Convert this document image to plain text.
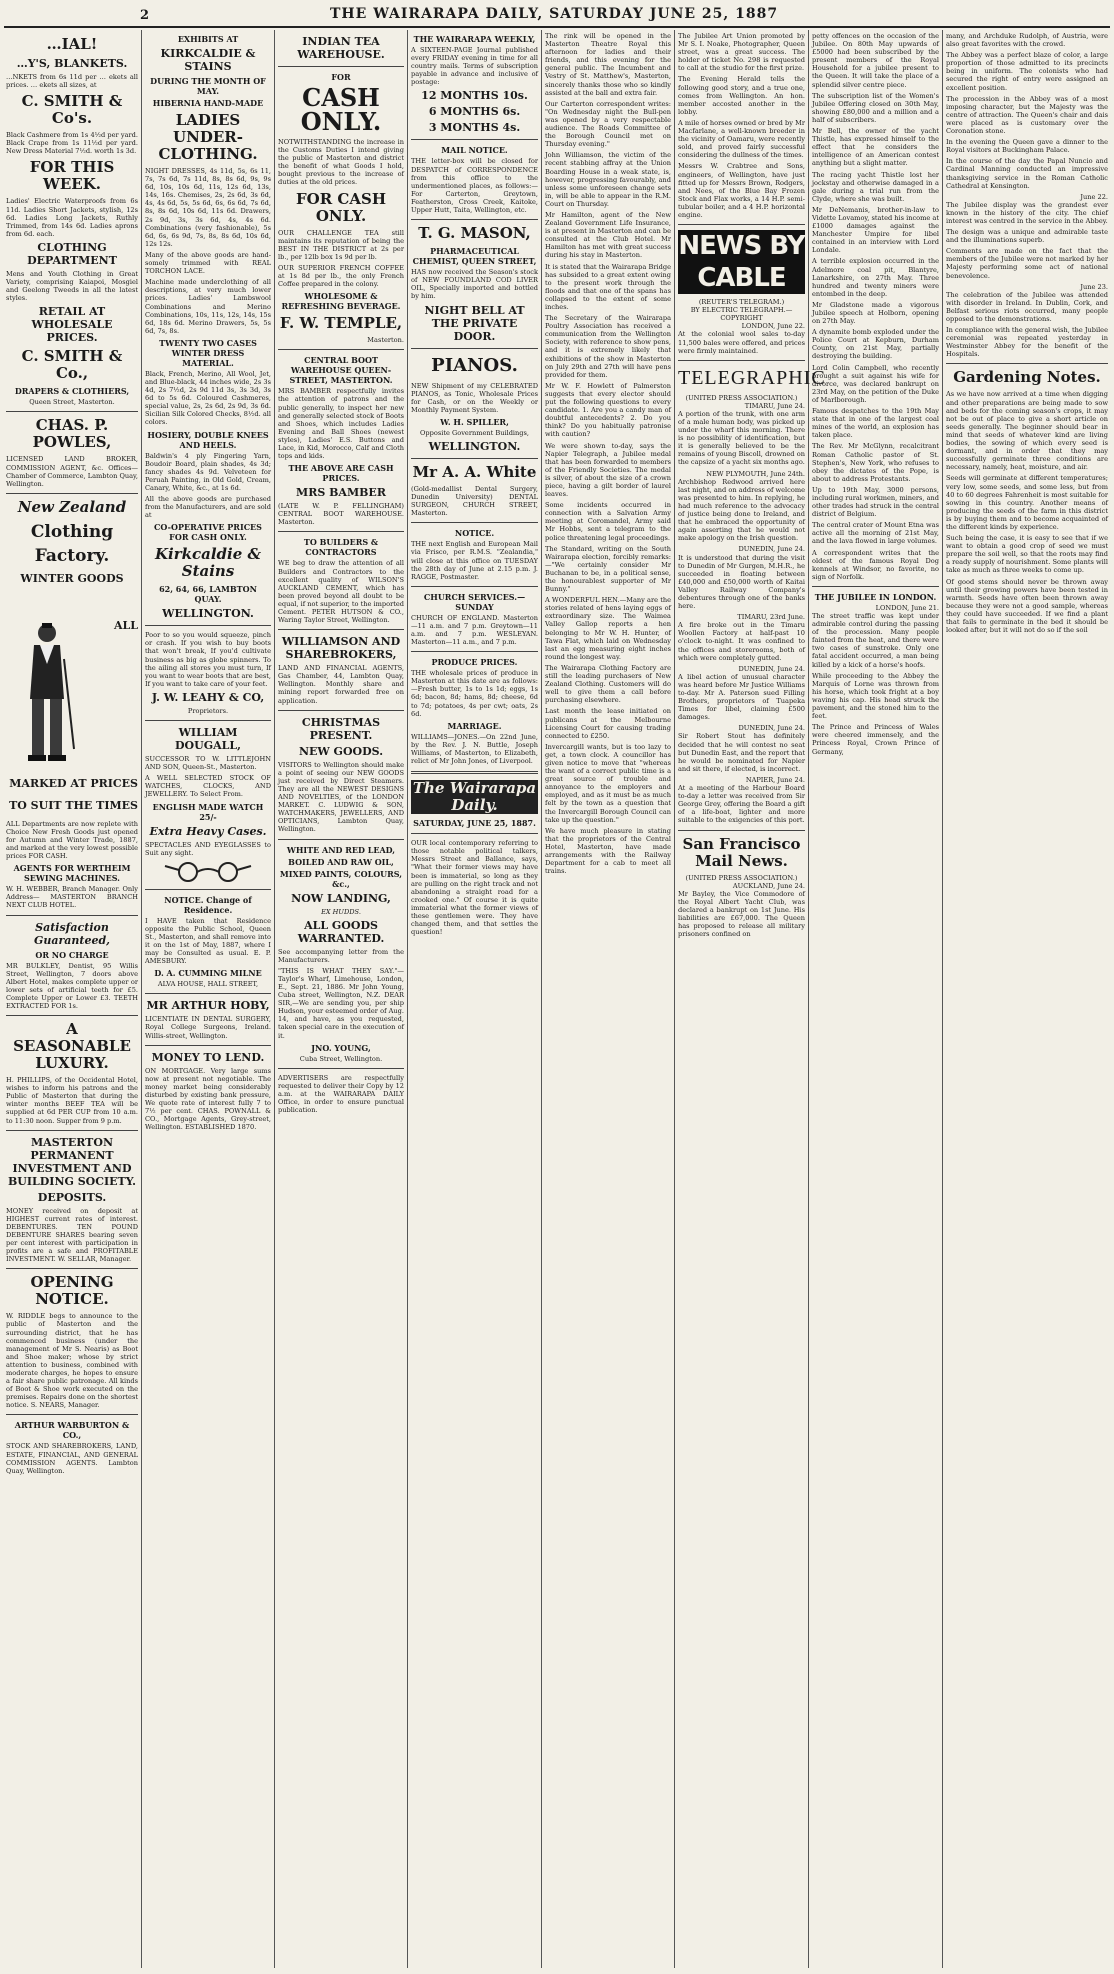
2	THE WAIRARAPA DAILY, SATURDAY JUNE 25, 1887
…IAL!
…Y'S, BLANKETS.

…NKETS from 6s 11d per … ekets all prices. … ekets all sizes, at

C. SMITH & Co's.

Black Cashmere from 1s 4½d per yard. Black Crape from 1s 11½d per yard. New Dress Material 7½d. worth 1s 3d.

FOR THIS WEEK.

Ladies' Electric Waterproofs from 6s 11d. Ladies Short Jackets, stylish, 12s 6d. Ladies Long Jackets, Ruthly Trimmed, from 14s 6d. Ladies aprons from 6d. each.

CLOTHING DEPARTMENT

Mens and Youth Clothing in Great Variety, comprising Kaiapoi, Mosgiel and Geelong Tweeds in all the latest styles.

RETAIL AT WHOLESALE PRICES.
C. SMITH & Co.,
DRAPERS & CLOTHIERS,
Queen Street, Masterton.
CHAS. P. POWLES,

LICENSED LAND BROKER, COMMISSION AGENT, &c. Offices—Chamber of Commerce, Lambton Quay, Wellington.

New Zealand
Clothing Factory.
WINTER GOODS
ALL MARKED AT PRICES TO SUIT THE TIMES

ALL Departments are now replete with Choice New Fresh Goods just opened for Autumn and Winter Trade, 1887, and marked at the very lowest possible prices FOR CASH.

AGENTS FOR WERTHEIM SEWING MACHINES.

W. H. WEBBER, Branch Manager. Only Address— MASTERTON BRANCH NEXT CLUB HOTEL.

Satisfaction Guaranteed,
OR NO CHARGE

MR BULKLEY, Dentist, 95 Willis Street, Wellington, 7 doors above Albert Hotel, makes complete upper or lower sets of artificial teeth for £5. Complete Upper or Lower £3. TEETH EXTRACTED FOR 1s.

A SEASONABLE LUXURY.

H. PHILLIPS, of the Occidental Hotel, wishes to inform his patrons and the Public of Masterton that during the winter months BEEF TEA will be supplied at 6d PER CUP from 10 a.m. to 11:30 noon. Supper from 9 p.m.

MASTERTON PERMANENT INVESTMENT AND BUILDING SOCIETY.
DEPOSITS.

MONEY received on deposit at HIGHEST current rates of interest. DEBENTURES. TEN POUND DEBENTURE SHARES bearing seven per cent interest with participation in profits are a safe and PROFITABLE INVESTMENT. W. SELLAR, Manager.

OPENING NOTICE.

W. RIDDLE begs to announce to the public of Masterton and the surrounding district, that he has commenced business (under the management of Mr S. Nearis) as Boot and Shoe maker; whose by strict attention to business, combined with moderate charges, he hopes to ensure a fair share public patronage. All kinds of Boot & Shoe work executed on the premises. Repairs done on the shortest notice. S. NEARS, Manager.

ARTHUR WARBURTON & CO.,

STOCK AND SHAREBROKERS, LAND, ESTATE, FINANCIAL, AND GENERAL COMMISSION AGENTS. Lambton Quay, Wellington.

EXHIBITS AT
KIRKCALDIE & STAINS
DURING THE MONTH OF MAY.
HIBERNIA HAND-MADE
LADIES UNDER-CLOTHING.

NIGHT DRESSES, 4s 11d, 5s, 6s 11, 7s, 7s 6d, 7s 11d, 8s, 8s 6d, 9s, 9s 6d, 10s, 10s 6d, 11s, 12s 6d, 13s, 14s, 16s. Chemises, 2s, 2s 6d, 3s 6d, 4s, 4s 6d, 5s, 5s 6d, 6s, 6s 6d, 7s 6d, 8s, 8s 6d, 10s 6d, 11s 6d. Drawers, 2s 9d, 3s, 3s 6d, 4s, 4s 6d. Combinations (very fashionable), 5s 6d, 6s, 6s 9d, 7s, 8s, 8s 6d, 10s 6d, 12s 12s.

Many of the above goods are hand-somely trimmed with REAL TORCHON LACE.

Machine made underclothing of all descriptions, at very much lower prices. Ladies' Lambswool Combinations and Merino Combinations, 10s, 11s, 12s, 14s, 15s 6d, 18s 6d. Merino Drawers, 5s, 5s 6d, 7s, 8s.

TWENTY TWO CASES WINTER DRESS MATERIAL.

Black, French, Merino, All Wool, Jet, and Blue-black, 44 inches wide, 2s 3s 4d, 2s 7½d, 2s 9d 11d 3s, 3s 3d, 3s 6d to 5s 6d. Coloured Cashmeres, special value, 2s, 2s 6d, 2s 9d, 3s 6d. Sicilian Silk Colored Checks, 8½d. all colors.

HOSIERY, DOUBLE KNEES AND HEELS.

Baldwin's 4 ply Fingering Yarn, Boudoir Board, plain shades, 4s 3d; fancy shades 4s 9d. Velveteen for Peruah Painting, in Old Gold, Cream, Canary, White, &c., at 1s 6d.

All the above goods are purchased from the Manufacturers, and are sold at

CO-OPERATIVE PRICES FOR CASH ONLY.
Kirkcaldie & Stains
62, 64, 66, LAMBTON QUAY.
WELLINGTON.

Poor to so you would squeeze, pinch or crash. If you wish to buy boots that won't break, If you'd cultivate business as big as globe spinners. To the ailing all stores you must turn, If you want to wear boots that are best, If you want to take care of your feet.

J. W. LEAHY & CO,
Proprietors.
WILLIAM DOUGALL,

SUCCESSOR TO W. LITTLEJOHN AND SON, Queen-St., Masterton.

A WELL SELECTED STOCK OF WATCHES, CLOCKS, AND JEWELLERY. To Select From.

ENGLISH MADE WATCH 25/-
Extra Heavy Cases.

SPECTACLES AND EYEGLASSES to Suit any sight.

NOTICE. Change of Residence.

I HAVE taken that Residence opposite the Public School, Queen St., Masterton, and shall remove into it on the 1st of May, 1887, where I may be Consulted as usual. E. P. AMESBURY.

D. A. CUMMING MILNE
ALVA HOUSE, HALL STREET,
MR ARTHUR HOBY,

LICENTIATE IN DENTAL SURGERY, Royal College Surgeons, Ireland. Willis-street, Wellington.

MONEY TO LEND.

ON MORTGAGE. Very large sums now at present not negotiable. The money market being considerably disturbed by existing bank pressure, We quote rate of interest fully 7 to 7½ per cent. CHAS. POWNALL & CO., Mortgage Agents, Grey-street, Wellington. ESTABLISHED 1870.

INDIAN TEA WAREHOUSE.
FOR
CASH ONLY.

NOTWITHSTANDING the increase in the Customs Duties I intend giving the public of Masterton and district the benefit of what Goods I hold, bought previous to the increase of duties at the old prices.

FOR CASH ONLY.

OUR CHALLENGE TEA still maintains its reputation of being the BEST IN THE DISTRICT at 2s per lb., per 12lb box 1s 9d per lb.

OUR SUPERIOR FRENCH COFFEE at 1s 8d per lb., the only French Coffee prepared in the colony.

WHOLESOME & REFRESHING BEVERAGE.
F. W. TEMPLE,
Masterton.
CENTRAL BOOT WAREHOUSE QUEEN-STREET, MASTERTON.

MRS BAMBER respectfully invites the attention of patrons and the public generally, to inspect her new and generally selected stock of Boots and Shoes, which includes Ladies Evening and Ball Shoes (newest styles), Ladies' E.S. Buttons and Lace, in Kid, Morocco, Calf and Cloth tops and kids.

THE ABOVE ARE CASH PRICES.
MRS BAMBER

(LATE W. P. FELLINGHAM) CENTRAL BOOT WAREHOUSE. Masterton.

TO BUILDERS & CONTRACTORS

WE beg to draw the attention of all Builders and Contractors to the excellent quality of WILSON'S AUCKLAND CEMENT, which has been proved beyond all doubt to be equal, if not superior, to the imported Cement. PETER HUTSON & CO., Waring Taylor Street, Wellington.

WILLIAMSON AND SHAREBROKERS,

LAND AND FINANCIAL AGENTS, Gas Chamber, 44, Lambton Quay, Wellington. Monthly share and mining report forwarded free on application.

CHRISTMAS PRESENT.
NEW GOODS.

VISITORS to Wellington should make a point of seeing our NEW GOODS just received by Direct Steamers. They are all the NEWEST DESIGNS AND NOVELTIES, of the LONDON MARKET. C. LUDWIG & SON, WATCHMAKERS, JEWELLERS, AND OPTICIANS, Lambton Quay, Wellington.

WHITE AND RED LEAD,
BOILED AND RAW OIL,
MIXED PAINTS, COLOURS, &c.,
NOW LANDING,
EX HUDDS.
ALL GOODS WARRANTED.

See accompanying letter from the Manufacturers.

"THIS IS WHAT THEY SAY."— Taylor's Wharf, Limehouse, London, E., Sept. 21, 1886. Mr John Young, Cuba street, Wellington, N.Z. DEAR SIR,—We are sending you, per ship Hudson, your esteemed order of Aug. 14, and have, as you requested, taken special care in the execution of it.

JNO. YOUNG,
Cuba Street, Wellington.

ADVERTISERS are respectfully requested to deliver their Copy by 12 a.m. at the WAIRARAPA DAILY Office, in order to ensure punctual publication.

THE WAIRARAPA WEEKLY,

A SIXTEEN-PAGE Journal published every FRIDAY evening in time for all country mails. Terms of subscription payable in advance and inclusive of postage:

12 MONTHS 10s.
6 MONTHS 6s.
3 MONTHS 4s.
MAIL NOTICE.

THE letter-box will be closed for DESPATCH of CORRESPONDENCE from this office to the undermentioned places, as follows:— For Carterton, Greytown, Featherston, Cross Creek, Kaitoke, Upper Hutt, Taita, Wellington, etc.

T. G. MASON,
PHARMACEUTICAL CHEMIST, QUEEN STREET,

HAS now received the Season's stock of NEW FOUNDLAND COD LIVER OIL, Specially imported and bottled by him.

NIGHT BELL AT THE PRIVATE DOOR.
PIANOS.

NEW Shipment of my CELEBRATED PIANOS, as Tonic, Wholesale Prices for Cash, or on the Weekly or Monthly Payment System.

W. H. SPILLER,
Opposite Government Buildings,
WELLINGTON.
Mr A. A. White

(Gold-medallist Dental Surgery, Dunedin University) DENTAL SURGEON, CHURCH STREET, Masterton.

NOTICE.

THE next English and European Mail via Frisco, per R.M.S. "Zealandia," will close at this office on TUESDAY the 28th day of June at 2.15 p.m. J. RAGGE, Postmaster.

CHURCH SERVICES.—SUNDAY

CHURCH OF ENGLAND. Masterton—11 a.m. and 7 p.m. Greytown—11 a.m. and 7 p.m. WESLEYAN. Masterton—11 a.m., and 7 p.m.

PRODUCE PRICES.

THE wholesale prices of produce in Masterton at this date are as follows:—Fresh butter, 1s to 1s 1d; eggs, 1s 6d; bacon, 8d; hams, 8d; cheese, 6d to 7d; potatoes, 4s per cwt; oats, 2s 6d.

MARRIAGE.

WILLIAMS—JONES.—On 22nd June, by the Rev. J. N. Buttle, Joseph Williams, of Masterton, to Elizabeth, relict of Mr John Jones, of Liverpool.

The Wairarapa Daily.
SATURDAY, JUNE 25, 1887.

OUR local contemporary referring to those notable political talkers, Messrs Street and Ballance, says, "What their former views may have been is immaterial, so long as they are pulling on the right track and not abandoning a straight road for a crooked one." Of course it is quite immaterial what the former views of these gentlemen were. They have changed them, and that settles the question!

The rink will be opened in the Masterton Theatre Royal this afternoon for ladies and their friends, and this evening for the general public. The Incumbent and Vestry of St. Matthew's, Masterton, sincerely thanks those who so kindly assisted at the ball and extra fair.

Our Carterton correspondent writes: "On Wednesday night the Bull-pen was opened by a very respectable audience. The Roads Committee of the Borough Council met on Thursday evening."

John Williamson, the victim of the recent stabbing affray at the Union Boarding House in a weak state, is, however, progressing favourably, and unless some unforeseen change sets in, will be able to appear in the R.M. Court on Thursday.

Mr Hamilton, agent of the New Zealand Government Life Insurance, is at present in Masterton and can be consulted at the Club Hotel. Mr Hamilton has met with great success during his stay in Masterton.

It is stated that the Wairarapa Bridge has subsided to a great extent owing to the present work through the floods and that one of the spans has collapsed to the extent of some inches.

The Secretary of the Wairarapa Poultry Association has received a communication from the Wellington Society, with reference to show pens, and it is extremely likely that exhibitions of the show in Masterton on July 29th and 27th will have pens provided for them.

Mr W. F. Howlett of Palmerston suggests that every elector should put the following questions to every candidate. 1. Are you a candy man of doubtful antecedents? 2. Do you think? Do you habitually patronise with caution?

We were shown to-day, says the Napier Telegraph, a Jubilee medal that has been forwarded to members of the Friendly Societies. The medal is silver, of about the size of a crown piece, having a gilt border of laurel leaves.

Some incidents occurred in connection with a Salvation Army meeting at Coromandel, Army said Mr Hobbs, sent a telegram to the police threatening legal proceedings.

The Standard, writing on the South Wairarapa election, forcibly remarks:—"We certainly consider Mr Buchanan to be, in a political sense, the honourablest supporter of Mr Bunny."

A WONDERFUL HEN.—Many are the stories related of hens laying eggs of extraordinary size. The Waimea Valley Gallop reports a hen belonging to Mr W. H. Hunter, of Tawa Flat, which laid on Wednesday last an egg measuring eight inches round the longest way.

The Wairarapa Clothing Factory are still the leading purchasers of New Zealand Clothing. Customers will do well to give them a call before purchasing elsewhere.

Last month the lease initiated on publicans at the Melbourne Licensing Court for causing trading connected to £250.

Invercargill wants, but is too lazy to get, a town clock. A councillor has given notice to move that "whereas the want of a correct public time is a great source of trouble and annoyance to the employers and employed, and as it must be as much felt by the town as a question that the Invercargill Borough Council can take up the question."

We have much pleasure in stating that the proprietors of the Central Hotel, Masterton, have made arrangements with the Railway Department for a cab to meet all trains.

The Jubilee Art Union promoted by Mr S. I. Noake, Photographer, Queen street, was a great success. The holder of ticket No. 298 is requested to call at the studio for the first prize.

The Evening Herald tells the following good story, and a true one, comes from Wellington. An hon. member accosted another in the lobby.

A mile of horses owned or bred by Mr Macfarlane, a well-known breeder in the vicinity of Oamaru, were recently sold, and proved fairly successful considering the dullness of the times.

Messrs W. Crabtree and Sons, engineers, of Wellington, have just fitted up for Messrs Brown, Rodgers, and Nees, of the Blue Bay Frozen Stock and Flax works, a 14 H.P. semi-tubular boiler, and a 4 H.P. horizontal engine.

NEWS BY CABLE
(REUTER'S TELEGRAM.)
BY ELECTRIC TELEGRAPH.—COPYRIGHT
LONDON, June 22.

At the colonial wool sales to-day 11,500 bales were offered, and prices were firmly maintained.

TELEGRAPHIC
(UNITED PRESS ASSOCIATION.)
TIMARU, June 24.

A portion of the trunk, with one arm of a male human body, was picked up under the wharf this morning. There is no possibility of identification, but it is generally believed to be the remains of young Biscoll, drowned on the capsize of a yacht six months ago.

NEW PLYMOUTH, June 24th.

Archbishop Redwood arrived here last night, and on address of welcome was presented to him. In replying, he had much reference to the advocacy of justice being done to Ireland, and that he embraced the opportunity of again asserting that he would not make apology on the Irish question.

DUNEDIN, June 24.

It is understood that during the visit to Dunedin of Mr Gurgen, M.H.R., he succeeded in floating between £40,000 and £50,000 worth of Kaitai Valley Railway Company's debentures through one of the banks here.

TIMARU, 23rd June.

A fire broke out in the Timaru Woollen Factory at half-past 10 o'clock to-night. It was confined to the offices and storerooms, both of which were completely gutted.

DUNEDIN, June 24.

A libel action of unusual character was heard before Mr Justice Williams to-day. Mr A. Paterson sued Filling Brothers, proprietors of Tuapeka Times for libel, claiming £500 damages.

DUNEDIN, June 24.

Sir Robert Stout has definitely decided that he will contest no seat but Dunedin East, and the report that he would be nominated for Napier and sit there, if elected, is incorrect.

NAPIER, June 24.

At a meeting of the Harbour Board to-day a letter was received from Sir George Grey, offering the Board a gift of a life-boat, lighter and more suitable to the exigencies of this port.

San Francisco Mail News.
(UNITED PRESS ASSOCIATION.)
AUCKLAND, June 24.

Mr Bayley, the Vice Commodore of the Royal Albert Yacht Club, was declared a bankrupt on 1st June. His liabilities are £67,000. The Queen has proposed to release all military prisoners confined on

petty offences on the occasion of the Jubilee. On 80th May upwards of £5000 had been subscribed by the present members of the Royal Household for a jubilee present to the Queen. It will take the place of a splendid silver centre piece.

The subscription list of the Women's Jubilee Offering closed on 30th May, showing £80,000 and a million and a half of subscribers.

Mr Bell, the owner of the yacht Thistle, has expressed himself to the effect that he considers the intelligence of an American contest anything but a slight matter.

The racing yacht Thistle lost her jockstay and otherwise damaged in a gale during a trial run from the Clyde, where she was built.

Mr DeNemanis, brother-in-law to Vidette Lovamoy, stated his income at £1000 damages against the Manchester Umpire for libel contained in an interview with Lord Londale.

A terrible explosion occurred in the Adelmore coal pit, Blantyre, Lanarkshire, on 27th May. Three hundred and twenty miners were entombed in the deep.

Mr Gladstone made a vigorous Jubilee speech at Holborn, opening on 27th May.

A dynamite bomb exploded under the Police Court at Kepburn, Durham County, on 21st May, partially destroying the building.

Lord Colin Campbell, who recently brought a suit against his wife for divorce, was declared bankrupt on 23rd May, on the petition of the Duke of Marlborough.

Famous despatches to the 19th May state that in one of the largest coal mines of the world, an explosion has taken place.

The Rev. Mr McGlynn, recalcitrant Roman Catholic pastor of St. Stephen's, New York, who refuses to obey the dictates of the Pope, is about to address Protestants.

Up to 19th May, 3000 persons, including rural workmen, miners, and other trades had struck in the central district of Belgium.

The central crater of Mount Etna was active all the morning of 21st May, and the lava flowed in large volumes.

A correspondent writes that the oldest of the famous Royal Dog kennels at Windsor, no favorite, no sign of Norfolk.

THE JUBILEE IN LONDON.
LONDON, June 21.

The street traffic was kept under admirable control during the passing of the procession. Many people fainted from the heat, and there were two cases of sunstroke. Only one fatal accident occurred, a man being killed by a kick of a horse's hoofs.

While proceeding to the Abbey the Marquis of Lorne was thrown from his horse, which took fright at a boy waving his cap. His head struck the pavement, and the stoned him to the feet.

The Prince and Princess of Wales were cheered immensely, and the Princess Royal, Crown Prince of Germany,

many, and Archduke Rudolph, of Austria, were also great favorites with the crowd.

The Abbey was a perfect blaze of color, a large proportion of those admitted to its precincts being in uniform. The colonists who had secured the right of entry were assigned an excellent position.

The procession in the Abbey was of a most imposing character, but the Majesty was the centre of attraction. The Queen's chair and dais were placed as is customary over the Coronation stone.

In the evening the Queen gave a dinner to the Royal visitors at Buckingham Palace.

In the course of the day the Papal Nuncio and Cardinal Manning conducted an impressive thanksgiving service in the Roman Catholic Cathedral at Kensington.

June 22.

The Jubilee display was the grandest ever known in the history of the city. The chief interest was centred in the service in the Abbey.

The design was a unique and admirable taste and the illuminations superb.

Comments are made on the fact that the members of the Jubilee were not marked by her Majesty performing some act of national benevolence.

June 23.

The celebration of the Jubilee was attended with disorder in Ireland. In Dublin, Cork, and Belfast serious riots occurred, many people opposed to the demonstrations.

In compliance with the general wish, the Jubilee ceremonial was repeated yesterday in Westminster Abbey for the benefit of the Hospitals.

Gardening Notes.

As we have now arrived at a time when digging and other preparations are being made to sow and beds for the coming season's crops, it may not be out of place to give a short article on seeds generally. The beginner should bear in mind that seeds of whatever kind are living bodies, the sowing of which every seed is dormant, and in order that they may successfully germinate three conditions are necessary, namely, heat, moisture, and air.

Seeds will germinate at different temperatures; very low, some seeds, and some less, but from 40 to 60 degrees Fahrenheit is most suitable for sowing in this country. Another means of producing the seeds of the farm in this district is by buying them and to become acquainted of the different kinds by experience.

Such being the case, it is easy to see that if we want to obtain a good crop of seed we must prepare the soil well, so that the roots may find a ready supply of nourishment. Some plants will take as much as three weeks to come up.

Of good stems should never be thrown away until their growing powers have been tested in warmth. Seeds have often been thrown away because they were not a good sample, whereas they could have succeeded. If we find a plant that fails to germinate in the bed it should be looked after, but it will not do so if the soil
